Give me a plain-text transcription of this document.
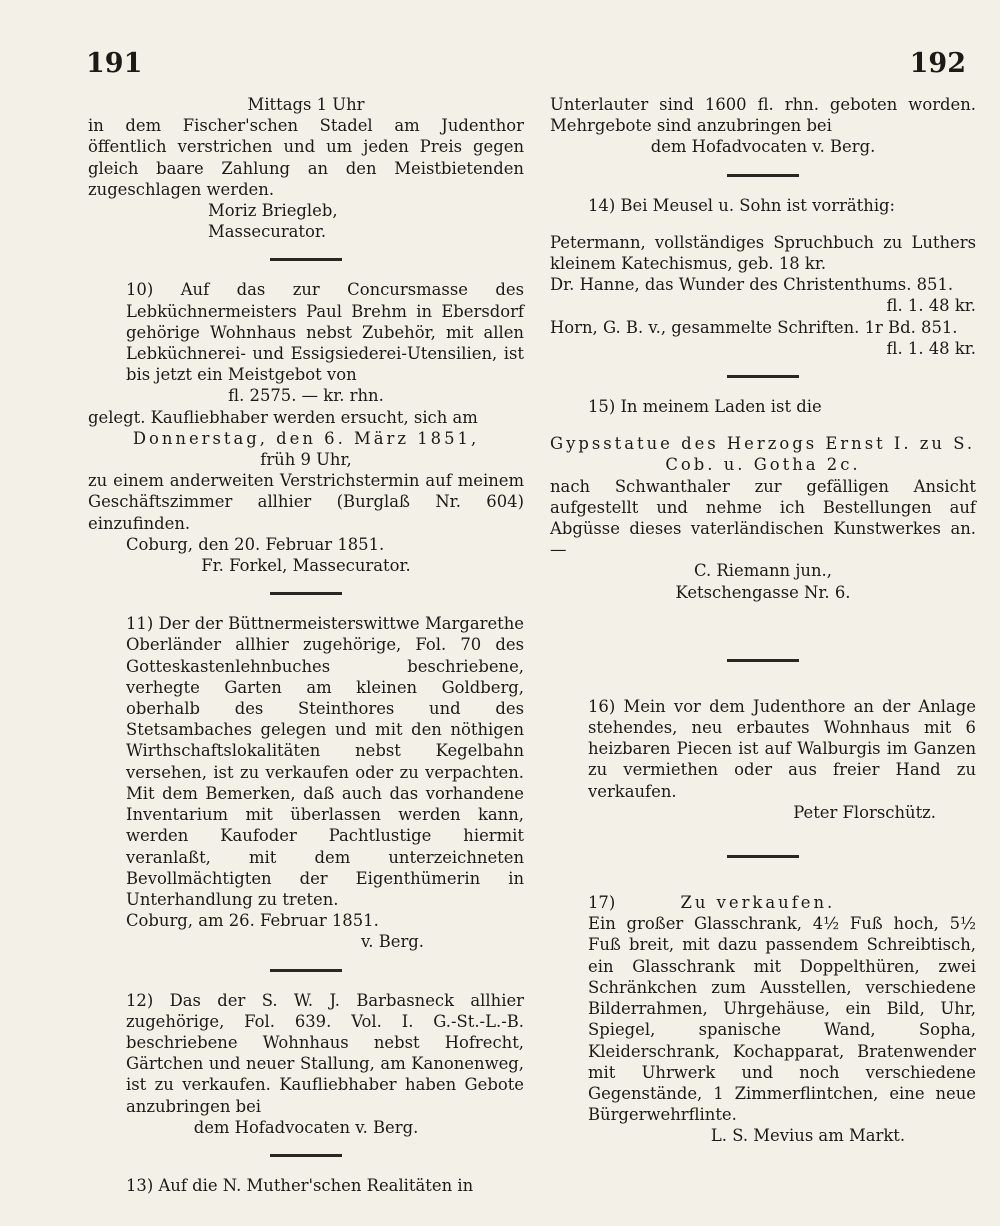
191	192

Mittags 1 Uhr

in dem Fischer'schen Stadel am Judenthor öffentlich verstrichen und um jeden Preis gegen gleich baare Zahlung an den Meistbietenden zugeschlagen werden.

Moriz Briegleb,

Massecurator.

10) Auf das zur Concursmasse des Lebküchnermeisters Paul Brehm in Ebersdorf gehörige Wohnhaus nebst Zubehör, mit allen Lebküchnerei- und Essigsiederei-Utensilien, ist bis jetzt ein Meistgebot von

fl. 2575. — kr. rhn.

gelegt. Kaufliebhaber werden ersucht, sich am

Donnerstag, den 6. März 1851,

früh 9 Uhr,

zu einem anderweiten Verstrichstermin auf meinem Geschäftszimmer allhier (Burglaß Nr. 604) einzufinden.

Coburg, den 20. Februar 1851.

Fr. Forkel, Massecurator.

11) Der der Büttnermeisterswittwe Margarethe Oberländer allhier zugehörige, Fol. 70 des Gotteskastenlehnbuches beschriebene, verhegte Garten am kleinen Goldberg, oberhalb des Steinthores und des Stetsambaches gelegen und mit den nöthigen Wirthschaftslokalitäten nebst Kegelbahn versehen, ist zu verkaufen oder zu verpachten. Mit dem Bemerken, daß auch das vorhandene Inventarium mit überlassen werden kann, werden Kaufoder Pachtlustige hiermit veranlaßt, mit dem unterzeichneten Bevollmächtigten der Eigenthümerin in Unterhandlung zu treten.

Coburg, am 26. Februar 1851.

v. Berg.

12) Das der S. W. J. Barbasneck allhier zugehörige, Fol. 639. Vol. I. G.-St.-L.-B. beschriebene Wohnhaus nebst Hofrecht, Gärtchen und neuer Stallung, am Kanonenweg, ist zu verkaufen. Kaufliebhaber haben Gebote anzubringen bei

dem Hofadvocaten v. Berg.

13) Auf die N. Muther'schen Realitäten in

Unterlauter sind 1600 fl. rhn. geboten worden. Mehrgebote sind anzubringen bei

dem Hofadvocaten v. Berg.

14) Bei Meusel u. Sohn ist vorräthig:

Petermann, vollständiges Spruchbuch zu Luthers kleinem Katechismus, geb. 18 kr.

Dr. Hanne, das Wunder des Christenthums. 851.

fl. 1. 48 kr.

Horn, G. B. v., gesammelte Schriften. 1r Bd. 851.

fl. 1. 48 kr.

15) In meinem Laden ist die

Gypsstatue des Herzogs Ernst I. zu S.

Cob. u. Gotha 2c.

nach Schwanthaler zur gefälligen Ansicht aufgestellt und nehme ich Bestellungen auf Abgüsse dieses vaterländischen Kunstwerkes an. —

C. Riemann jun.,

Ketschengasse Nr. 6.

16) Mein vor dem Judenthore an der Anlage stehendes, neu erbautes Wohnhaus mit 6 heizbaren Piecen ist auf Walburgis im Ganzen zu vermiethen oder aus freier Hand zu verkaufen.

Peter Florschütz.

17)	Zu verkaufen.

Ein großer Glasschrank, 4½ Fuß hoch, 5½ Fuß breit, mit dazu passendem Schreibtisch, ein Glasschrank mit Doppelthüren, zwei Schränkchen zum Ausstellen, verschiedene Bilderrahmen, Uhrgehäuse, ein Bild, Uhr, Spiegel, spanische Wand, Sopha, Kleiderschrank, Kochapparat, Bratenwender mit Uhrwerk und noch verschiedene Gegenstände, 1 Zimmerflintchen, eine neue Bürgerwehrflinte.

L. S. Mevius am Markt.
